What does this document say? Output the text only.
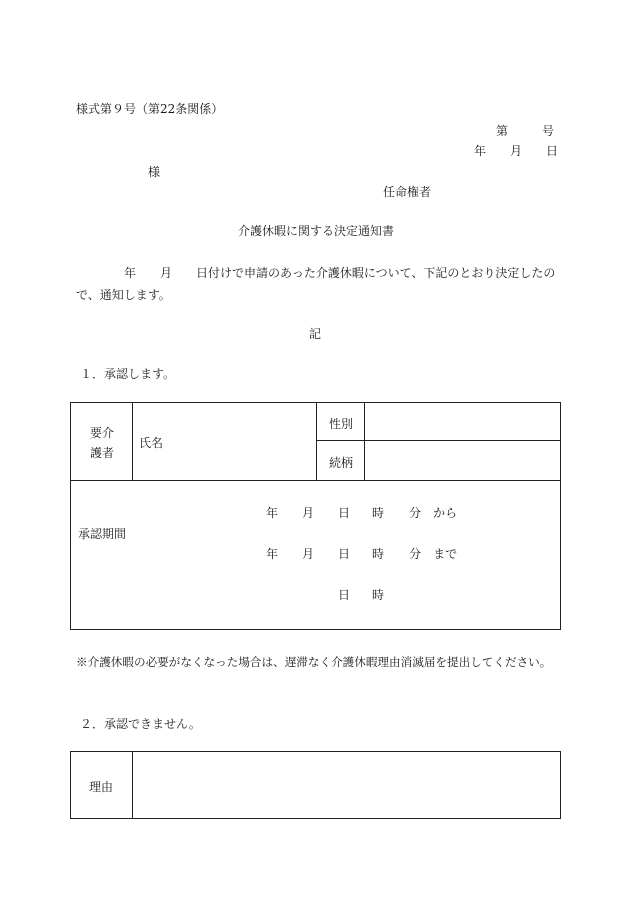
様式第９号（第22条関係）
第	号
年 月 日
様
任命権者
介護休暇に関する決定通知書
年 月 日付けで申請のあった介護休暇について、下記のとおり決定したの
で、通知します。
記
１．承認します。
要介
護者
氏名
性別
続柄
承認期間
年 月 日 時 分 から
年 月 日 時 分 まで
日 時
※介護休暇の必要がなくなった場合は、遅滞なく介護休暇理由消滅届を提出してください。
２．承認できません。
理由
